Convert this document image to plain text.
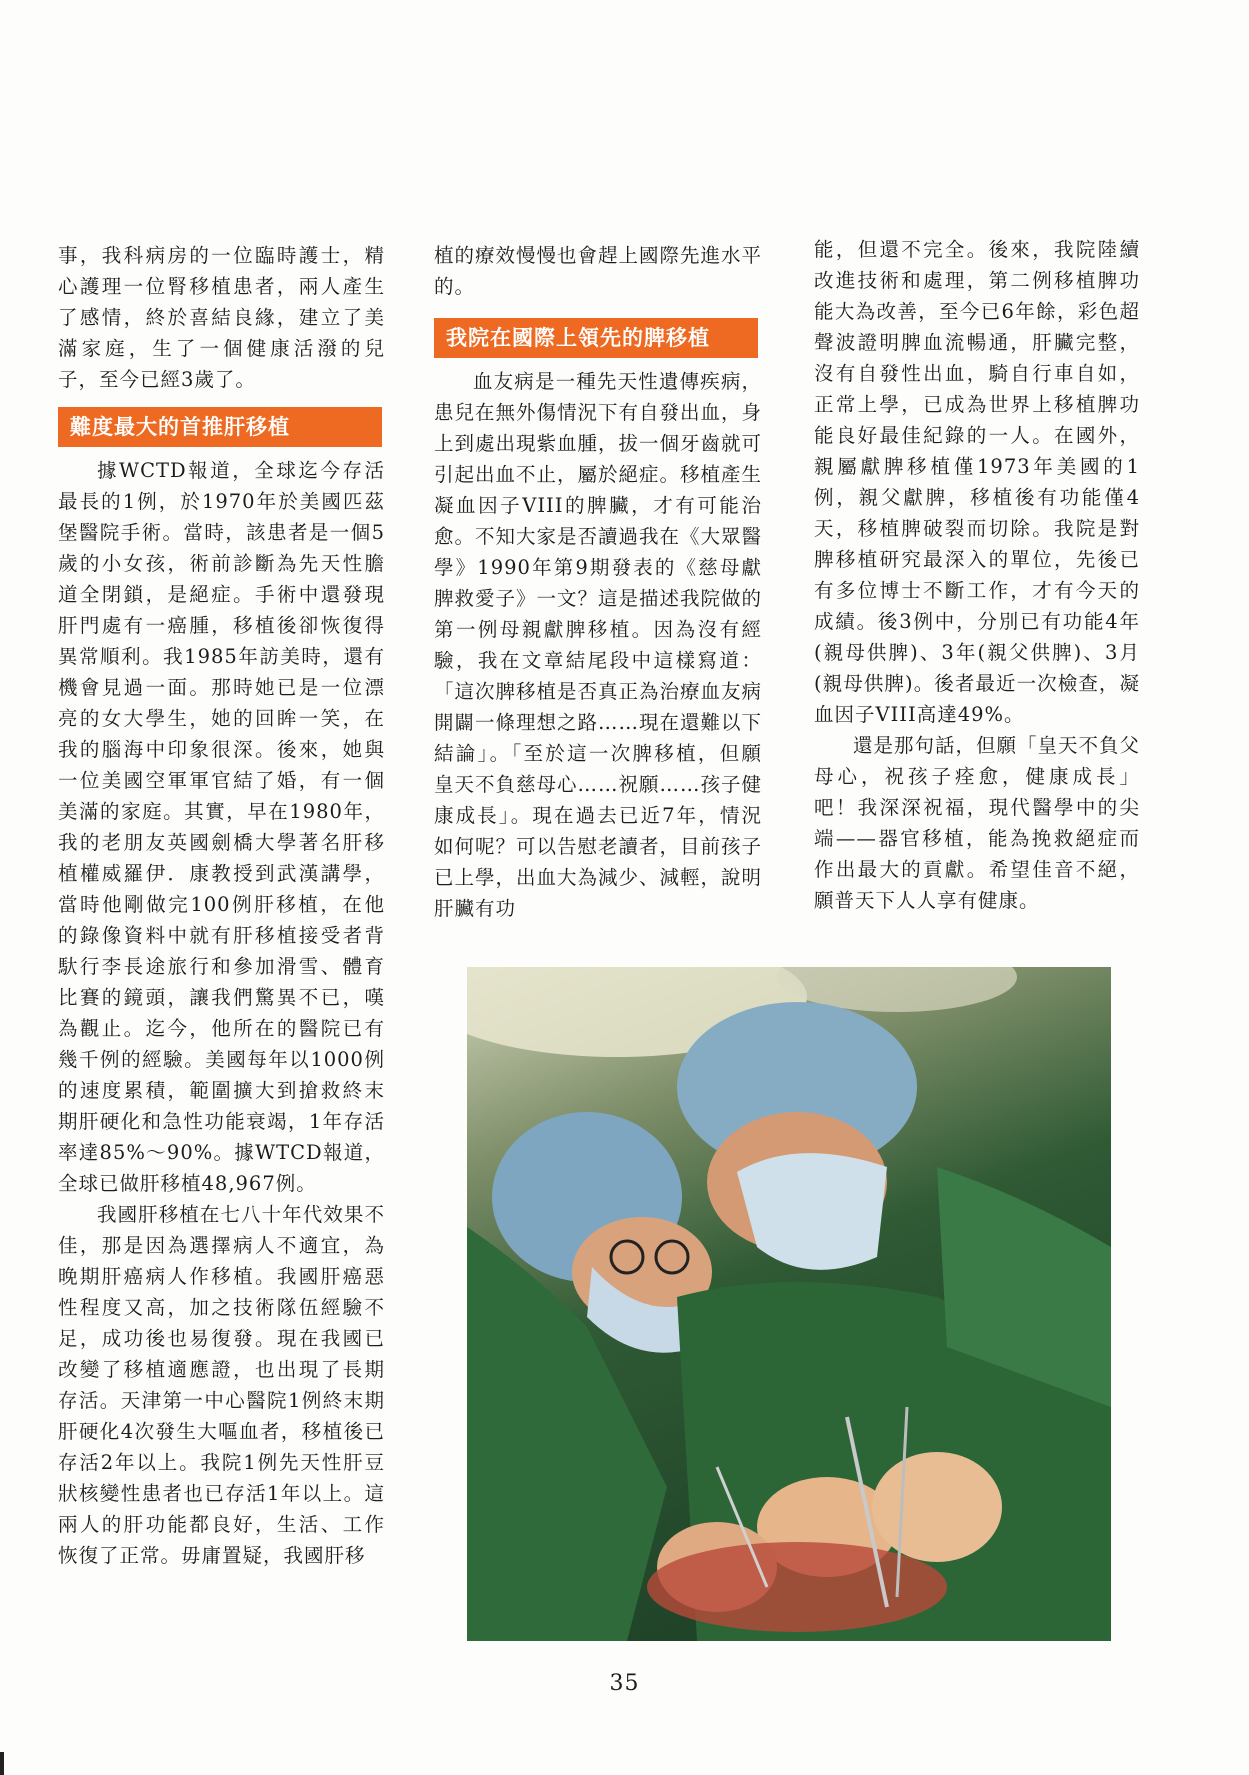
事，我科病房的一位臨時護士，精心護理一位腎移植患者，兩人產生了感情，終於喜結良緣，建立了美滿家庭，生了一個健康活潑的兒子，至今已經3歲了。

難度最大的首推肝移植

據WCTD報道，全球迄今存活最長的1例，於1970年於美國匹茲堡醫院手術。當時，該患者是一個5歲的小女孩，術前診斷為先天性膽道全閉鎖，是絕症。手術中還發現肝門處有一癌腫，移植後卻恢復得異常順利。我1985年訪美時，還有機會見過一面。那時她已是一位漂亮的女大學生，她的回眸一笑，在我的腦海中印象很深。後來，她與一位美國空軍軍官結了婚，有一個美滿的家庭。其實，早在1980年，我的老朋友英國劍橋大學著名肝移植權威羅伊．康教授到武漢講學，當時他剛做完100例肝移植，在他的錄像資料中就有肝移植接受者背馱行李長途旅行和參加滑雪、體育比賽的鏡頭，讓我們驚異不已，嘆為觀止。迄今，他所在的醫院已有幾千例的經驗。美國每年以1000例的速度累積，範圍擴大到搶救終末期肝硬化和急性功能衰竭，1年存活率達85%～90%。據WTCD報道，全球已做肝移植48,967例。

我國肝移植在七八十年代效果不佳，那是因為選擇病人不適宜，為晚期肝癌病人作移植。我國肝癌惡性程度又高，加之技術隊伍經驗不足，成功後也易復發。現在我國已改變了移植適應證，也出現了長期存活。天津第一中心醫院1例終末期肝硬化4次發生大嘔血者，移植後已存活2年以上。我院1例先天性肝豆狀核變性患者也已存活1年以上。這兩人的肝功能都良好，生活、工作恢復了正常。毋庸置疑，我國肝移

植的療效慢慢也會趕上國際先進水平的。

我院在國際上領先的脾移植

血友病是一種先天性遺傳疾病，患兒在無外傷情況下有自發出血，身上到處出現紫血腫，拔一個牙齒就可引起出血不止，屬於絕症。移植產生凝血因子VIII的脾臟，才有可能治愈。不知大家是否讀過我在《大眾醫學》1990年第9期發表的《慈母獻脾救愛子》一文？這是描述我院做的第一例母親獻脾移植。因為沒有經驗，我在文章結尾段中這樣寫道：「這次脾移植是否真正為治療血友病開闢一條理想之路……現在還難以下結論」。「至於這一次脾移植，但願皇天不負慈母心……祝願……孩子健康成長」。現在過去已近7年，情況如何呢？可以告慰老讀者，目前孩子已上學，出血大為減少、減輕，說明肝臟有功

能，但還不完全。後來，我院陸續改進技術和處理，第二例移植脾功能大為改善，至今已6年餘，彩色超聲波證明脾血流暢通，肝臟完整，沒有自發性出血，騎自行車自如，正常上學，已成為世界上移植脾功能良好最佳紀錄的一人。在國外，親屬獻脾移植僅1973年美國的1例，親父獻脾，移植後有功能僅4天，移植脾破裂而切除。我院是對脾移植研究最深入的單位，先後已有多位博士不斷工作，才有今天的成績。後3例中，分別已有功能4年(親母供脾)、3年(親父供脾)、3月(親母供脾)。後者最近一次檢查，凝血因子VIII高達49%。

還是那句話，但願「皇天不負父母心，祝孩子痊愈，健康成長」吧！我深深祝福，現代醫學中的尖端——器官移植，能為挽救絕症而作出最大的貢獻。希望佳音不絕，願普天下人人享有健康。

35
